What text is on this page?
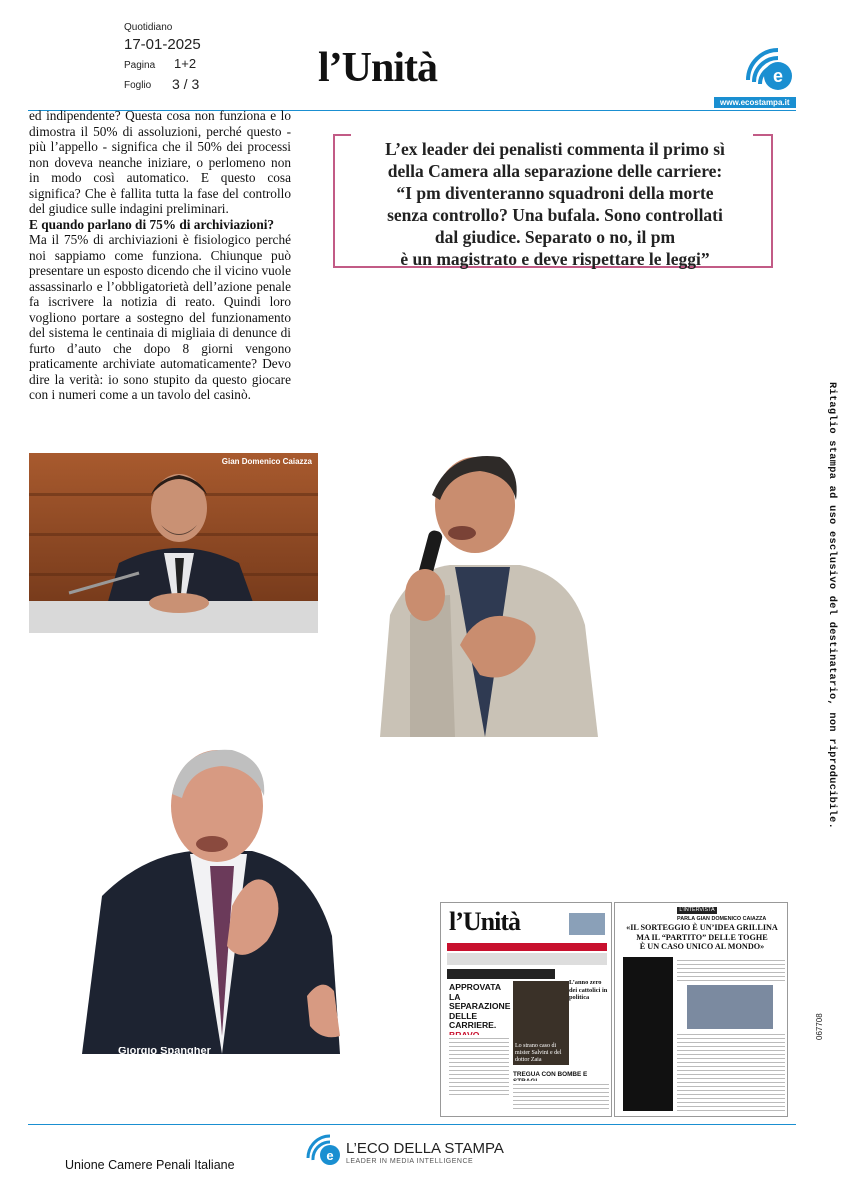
Quotidiano
17-01-2025
Pagina 1+2
Foglio 3 / 3	l’Unità	e
www.ecostampa.it

ed indipendente? Questa cosa non funziona e lo dimostra il 50% di assoluzioni, perché questo - più l’appello - significa che il 50% dei processi non doveva neanche iniziare, o perlomeno non in modo così automatico. E questo cosa significa? Che è fallita tutta la fase del controllo del giudice sulle indagini preliminari.

E quando parlano di 75% di archiviazioni?

Ma il 75% di archiviazioni è fisiologico perché noi sappiamo come funziona. Chiunque può presentare un esposto dicendo che il vicino vuole assassinarlo e l’obbligatorietà dell’azione penale fa iscrivere la notizia di reato. Quindi loro vogliono portare a sostegno del funzionamento del sistema le centinaia di migliaia di denunce di furto d’auto che dopo 8 giorni vengono praticamente archiviate automaticamente? Devo dire la verità: io sono stupito da questo giocare con i numeri come a un tavolo del casinò.

L’ex leader dei penalisti commenta il primo sì
della Camera alla separazione delle carriere:
“I pm diventeranno squadroni della morte
senza controllo? Una bufala. Sono controllati
dal giudice. Separato o no, il pm
è un magistrato e deve rispettare le leggi”
Gian Domenico Caiazza
Giorgio Spangher
Ritaglio stampa ad uso esclusivo del destinatario, non riproducibile.
067708
l’Unità
APPROVATA
LA SEPARAZIONE
DELLE CARRIERE.
L’anno zero dei cattolici in politica
Lo strano caso di mister Salvini e del dottor Zaia
TREGUA CON BOMBE E
L’INTERVISTA
PARLA GIAN DOMENICO CAIAZZA
«IL SORTEGGIO È UN’IDEA GRILLINA
MA IL “PARTITO” DELLE TOGHE
È UN CASO UNICO AL MONDO»
e L’ECO DELLA STAMPA
LEADER IN MEDIA INTELLIGENCE
Unione Camere Penali Italiane
